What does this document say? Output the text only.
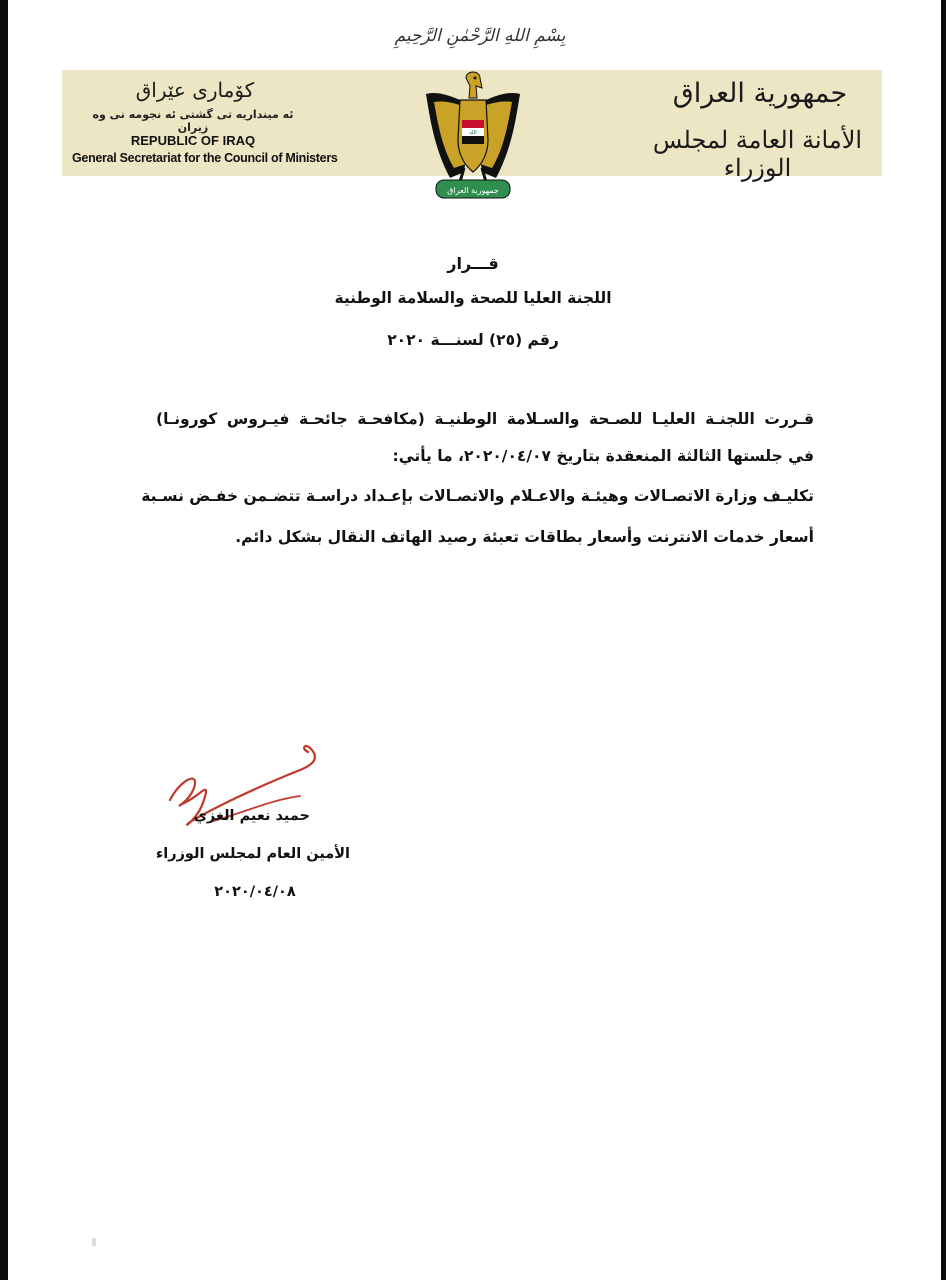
بِسْمِ اللهِ الرَّحْمٰنِ الرَّحِيمِ
كۆماری عێراق
ئه مینداریه تی گشتی ئه نجومه نی وه زیران
REPUBLIC OF IRAQ
General Secretariat for the Council of Ministers
جمهورية العراق
الأمانة العامة لمجلس الوزراء
الله
جمهورية العراق
قـــرار
اللجنة العليا للصحة والسلامة الوطنية
رقم (٢٥) لسنـــة ٢٠٢٠
قـررت اللجنـة العليـا للصـحة والسـلامة الوطنيـة (مكافحـة جائحـة فيـروس كورونـا)
في جلستها الثالثة المنعقدة بتاريخ ٢٠٢٠/٠٤/٠٧، ما يأتي:
تكليـف وزارة الاتصـالات وهيئـة والاعـلام والاتصـالات بإعـداد دراسـة تتضـمن خفـض نسـبة
أسعار خدمات الانترنت وأسعار بطاقات تعبئة رصيد الهاتف النقال بشكل دائم.
حميد نعيم الغزي
الأمين العام لمجلس الوزراء
٢٠٢٠/٠٤/٠٨
